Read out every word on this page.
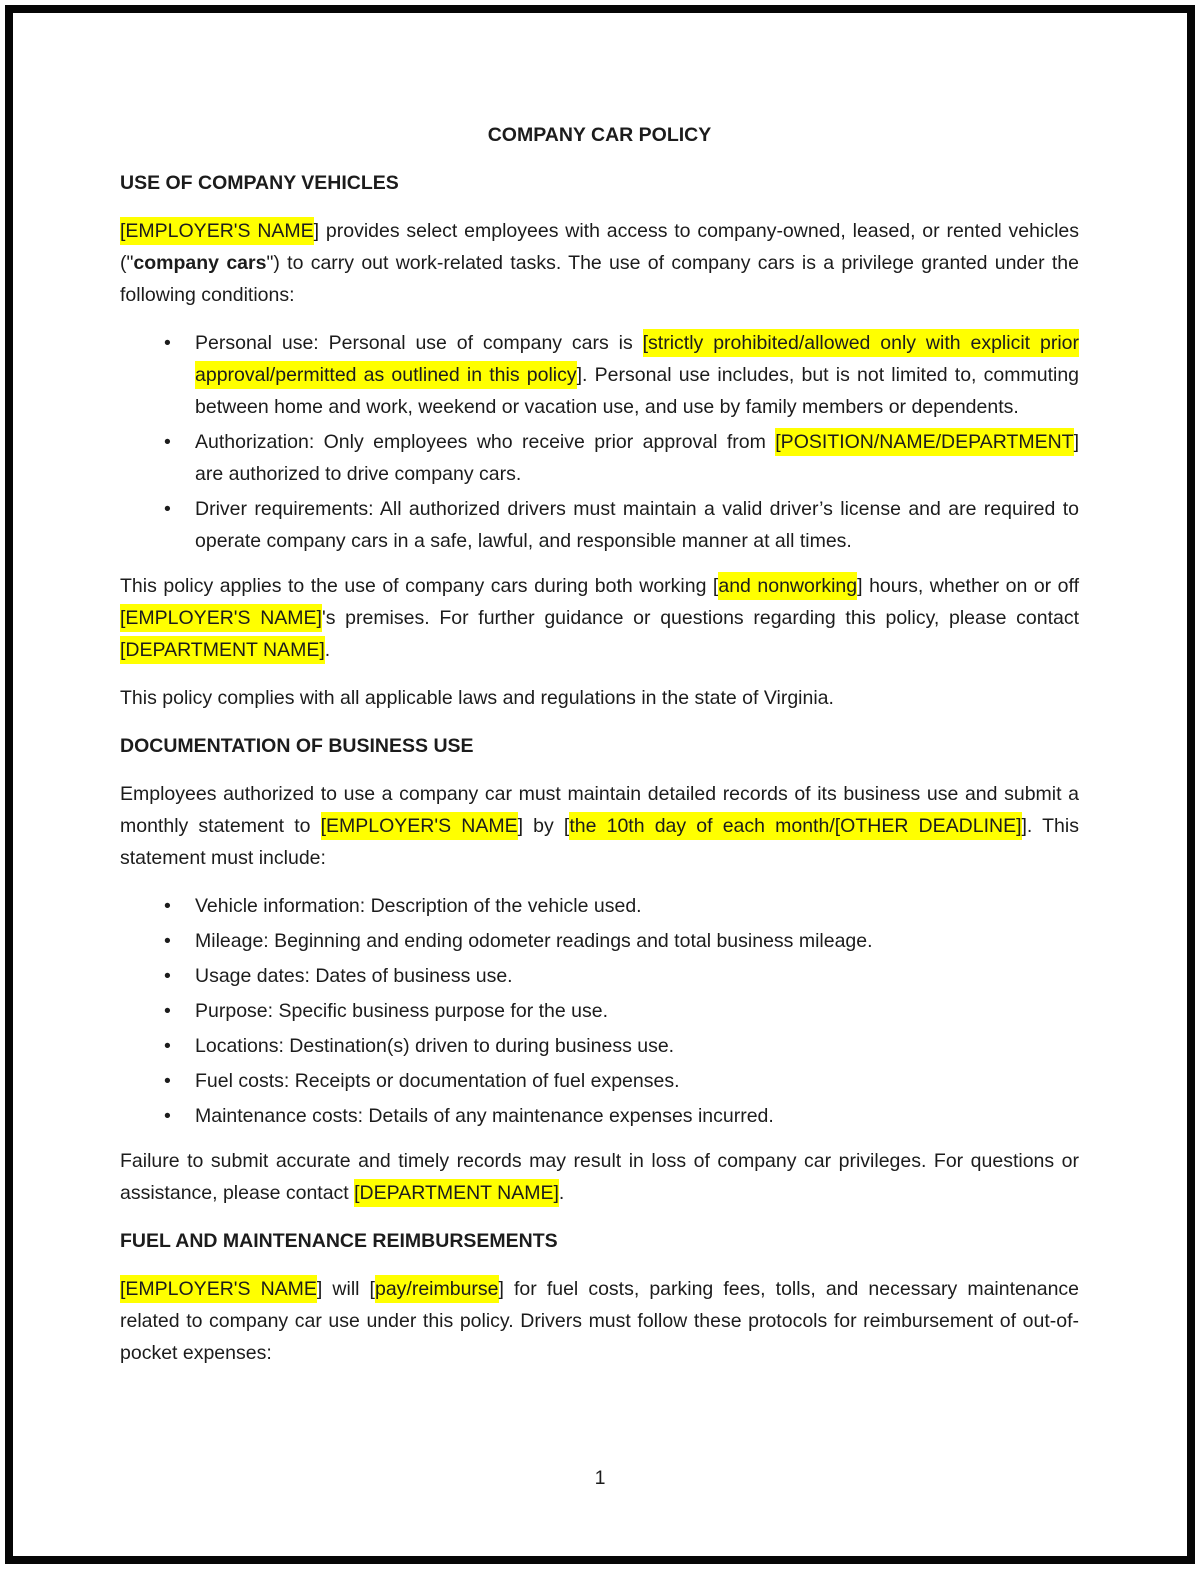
COMPANY CAR POLICY
USE OF COMPANY VEHICLES

[EMPLOYER'S NAME] provides select employees with access to company-owned, leased, or rented vehicles ("company cars") to carry out work-related tasks. The use of company cars is a privilege granted under the following conditions:

• Personal use: Personal use of company cars is [strictly prohibited/allowed only with explicit prior approval/permitted as outlined in this policy]. Personal use includes, but is not limited to, commuting between home and work, weekend or vacation use, and use by family members or dependents.
• Authorization: Only employees who receive prior approval from [POSITION/NAME/DEPARTMENT] are authorized to drive company cars.
• Driver requirements: All authorized drivers must maintain a valid driver’s license and are required to operate company cars in a safe, lawful, and responsible manner at all times.

This policy applies to the use of company cars during both working [and nonworking] hours, whether on or off [EMPLOYER'S NAME]'s premises. For further guidance or questions regarding this policy, please contact [DEPARTMENT NAME].

This policy complies with all applicable laws and regulations in the state of Virginia.

DOCUMENTATION OF BUSINESS USE

Employees authorized to use a company car must maintain detailed records of its business use and submit a monthly statement to [EMPLOYER'S NAME] by [the 10th day of each month/[OTHER DEADLINE]]. This statement must include:

• Vehicle information: Description of the vehicle used.
• Mileage: Beginning and ending odometer readings and total business mileage.
• Usage dates: Dates of business use.
• Purpose: Specific business purpose for the use.
• Locations: Destination(s) driven to during business use.
• Fuel costs: Receipts or documentation of fuel expenses.
• Maintenance costs: Details of any maintenance expenses incurred.

Failure to submit accurate and timely records may result in loss of company car privileges. For questions or assistance, please contact [DEPARTMENT NAME].

FUEL AND MAINTENANCE REIMBURSEMENTS

[EMPLOYER'S NAME] will [pay/reimburse] for fuel costs, parking fees, tolls, and necessary maintenance related to company car use under this policy. Drivers must follow these protocols for reimbursement of out-of-pocket expenses:

1
